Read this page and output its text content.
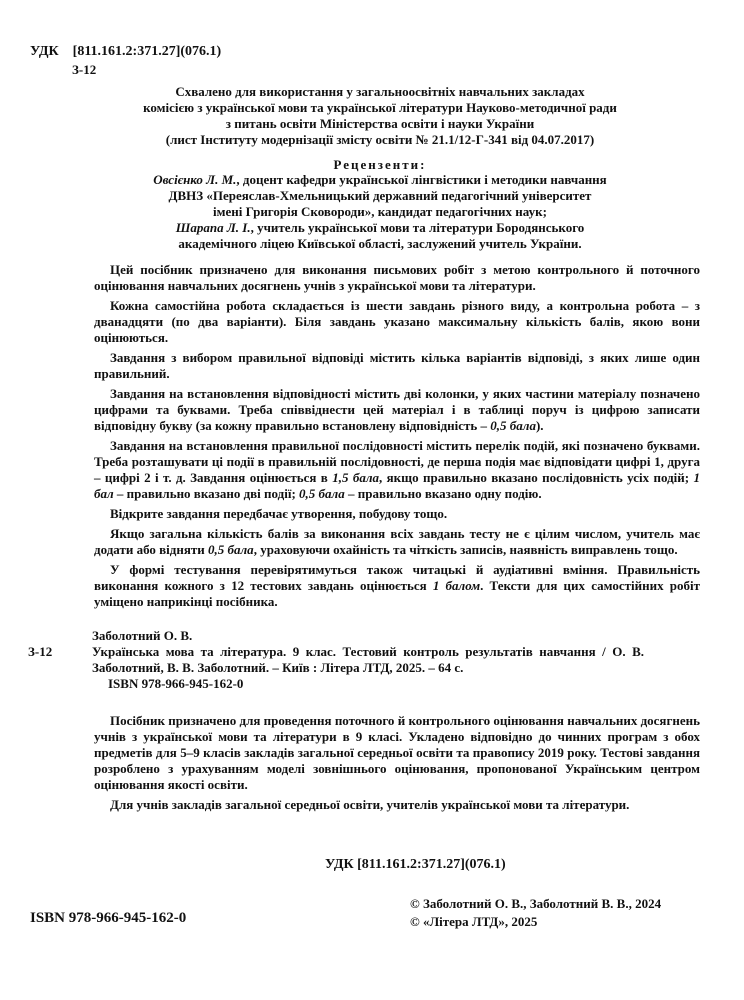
УДК [811.161.2:371.27](076.1)
З-12
Схвалено для використання у загальноосвітніх навчальних закладах
комісією з української мови та української літератури Науково-методичної ради
з питань освіти Міністерства освіти і науки України
(лист Інституту модернізації змісту освіти № 21.1/12-Г-341 від 04.07.2017)
Рецензенти:
Овсієнко Л. М., доцент кафедри української лінгвістики і методики навчання
ДВНЗ «Переяслав-Хмельницький державний педагогічний університет
імені Григорія Сковороди», кандидат педагогічних наук;
Шарапа Л. І., учитель української мови та літератури Бородянського
академічного ліцею Київської області, заслужений учитель України.

Цей посібник призначено для виконання письмових робіт з метою контрольного й поточного оцінювання навчальних досягнень учнів з української мови та літератури.

Кожна самостійна робота складається із шести завдань різного виду, а контрольна робота – з дванадцяти (по два варіанти). Біля завдань указано максимальну кількість балів, якою вони оцінюються.

Завдання з вибором правильної відповіді містить кілька варіантів відповіді, з яких лише один правильний.

Завдання на встановлення відповідності містить дві колонки, у яких частини матеріалу позначено цифрами та буквами. Треба співвіднести цей матеріал і в таблиці поруч із цифрою записати відповідну букву (за кожну правильно встановлену відповідність – 0,5 бала).

Завдання на встановлення правильної послідовності містить перелік подій, які позначено буквами. Треба розташувати ці події в правильній послідовності, де перша подія має відповідати цифрі 1, друга – цифрі 2 і т. д. Завдання оцінюється в 1,5 бала, якщо правильно вказано послідовність усіх подій; 1 бал – правильно вказано дві події; 0,5 бала – правильно вказано одну подію.

Відкрите завдання передбачає утворення, побудову тощо.

Якщо загальна кількість балів за виконання всіх завдань тесту не є цілим числом, учитель має додати або відняти 0,5 бала, ураховуючи охайність та чіткість записів, наявність виправлень тощо.

У формі тестування перевірятимуться також читацькі й аудіативні вміння. Правильність виконання кожного з 12 тестових завдань оцінюється 1 балом. Тексти для цих самостійних робіт уміщено наприкінці посібника.

Заболотний О. В.
З-12	Українська мова та література. 9 клас. Тестовий контроль результатів навчання / О. В. Заболотний, В. В. Заболотний. – Київ : Літера ЛТД, 2025. – 64 с.
ISBN 978-966-945-162-0

Посібник призначено для проведення поточного й контрольного оцінювання навчальних досягнень учнів з української мови та літератури в 9 класі. Укладено відповідно до чинних програм з обох предметів для 5–9 класів закладів загальної середньої освіти та правопису 2019 року. Тестові завдання розроблено з урахуванням моделі зовнішнього оцінювання, пропонованої Українським центром оцінювання якості освіти.

Для учнів закладів загальної середньої освіти, учителів української мови та літератури.

УДК [811.161.2:371.27](076.1)
ISBN 978-966-945-162-0
© Заболотний О. В., Заболотний В. В., 2024
© «Літера ЛТД», 2025
